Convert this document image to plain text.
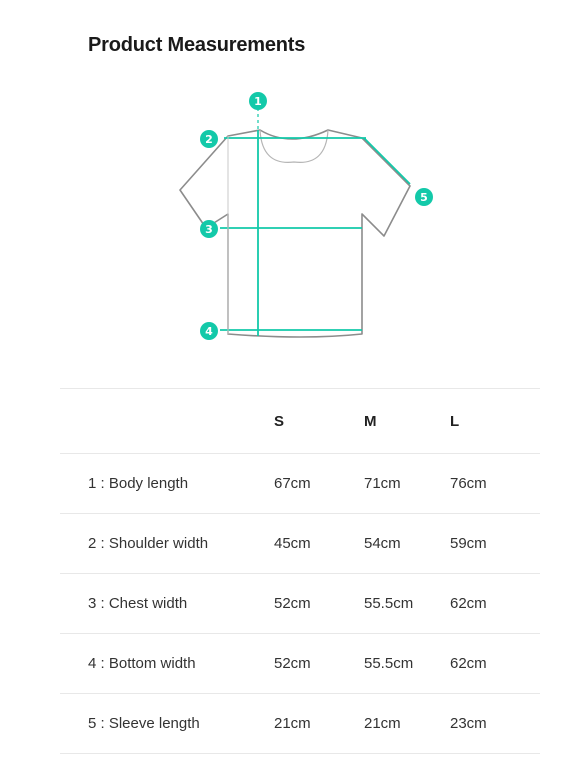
Product Measurements
1
2
3
4
5
	S	M	L
1 : Body length	67cm	71cm	76cm
2 : Shoulder width	45cm	54cm	59cm
3 : Chest width	52cm	55.5cm	62cm
4 : Bottom width	52cm	55.5cm	62cm
5 : Sleeve length	21cm	21cm	23cm
